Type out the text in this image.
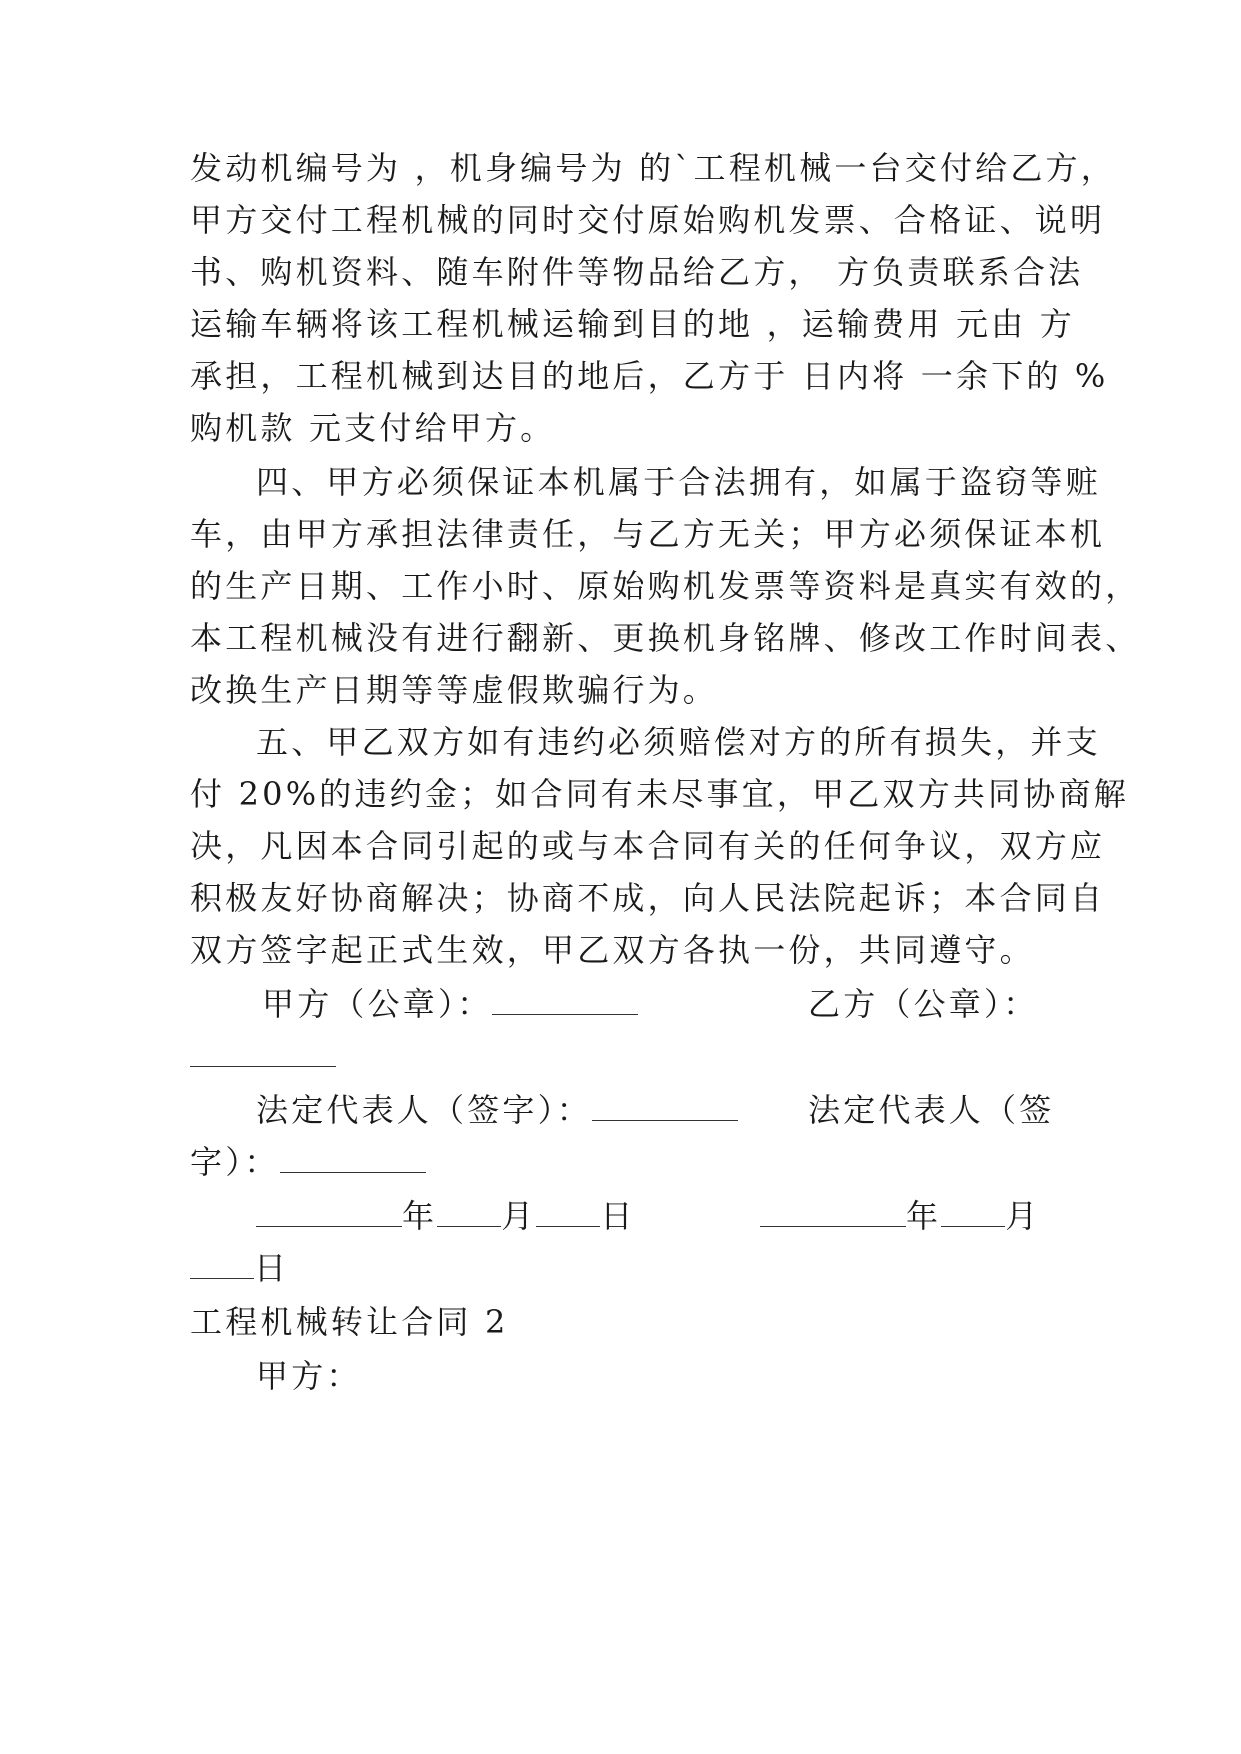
发动机编号为 ，机身编号为 的`工程机械一台交付给乙方，
甲方交付工程机械的同时交付原始购机发票、合格证、说明
书、购机资料、随车附件等物品给乙方， 方负责联系合法
运输车辆将该工程机械运输到目的地 ，运输费用 元由 方
承担，工程机械到达目的地后，乙方于 日内将 一余下的 %
购机款 元支付给甲方。
四、甲方必须保证本机属于合法拥有，如属于盗窃等赃
车，由甲方承担法律责任，与乙方无关；甲方必须保证本机
的生产日期、工作小时、原始购机发票等资料是真实有效的，
本工程机械没有进行翻新、更换机身铭牌、修改工作时间表、
改换生产日期等等虚假欺骗行为。
五、甲乙双方如有违约必须赔偿对方的所有损失，并支
付 20%的违约金；如合同有未尽事宜，甲乙双方共同协商解
决，凡因本合同引起的或与本合同有关的任何争议，双方应
积极友好协商解决；协商不成，向人民法院起诉；本合同自
双方签字起正式生效，甲乙双方各执一份，共同遵守。
甲方（公章）：	乙方（公章）：
法定代表人（签字）：	法定代表人（签
字）：
年 月 日	年 月
日
工程机械转让合同 2
甲方：
